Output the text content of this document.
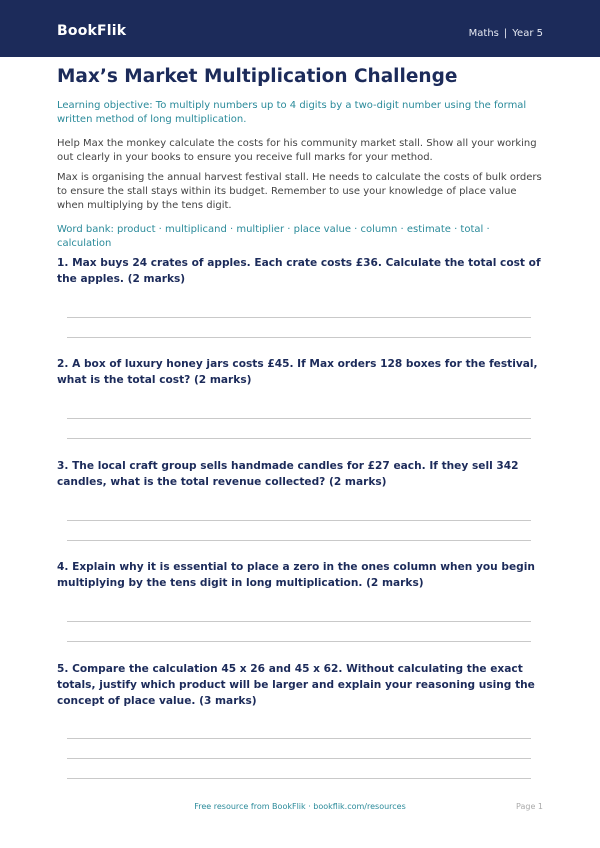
BookFlik	Maths | Year 5
Max’s Market Multiplication Challenge
Learning objective: To multiply numbers up to 4 digits by a two-digit number using the formal written method of long multiplication.
Help Max the monkey calculate the costs for his community market stall. Show all your working out clearly in your books to ensure you receive full marks for your method.
Max is organising the annual harvest festival stall. He needs to calculate the costs of bulk orders to ensure the stall stays within its budget. Remember to use your knowledge of place value when multiplying by the tens digit.
Word bank: product · multiplicand · multiplier · place value · column · estimate · total · calculation
1. Max buys 24 crates of apples. Each crate costs £36. Calculate the total cost of the apples. (2 marks)
2. A box of luxury honey jars costs £45. If Max orders 128 boxes for the festival, what is the total cost? (2 marks)
3. The local craft group sells handmade candles for £27 each. If they sell 342 candles, what is the total revenue collected? (2 marks)
4. Explain why it is essential to place a zero in the ones column when you begin multiplying by the tens digit in long multiplication. (2 marks)
5. Compare the calculation 45 x 26 and 45 x 62. Without calculating the exact totals, justify which product will be larger and explain your reasoning using the concept of place value. (3 marks)
Free resource from BookFlik · bookflik.com/resources	Page 1
